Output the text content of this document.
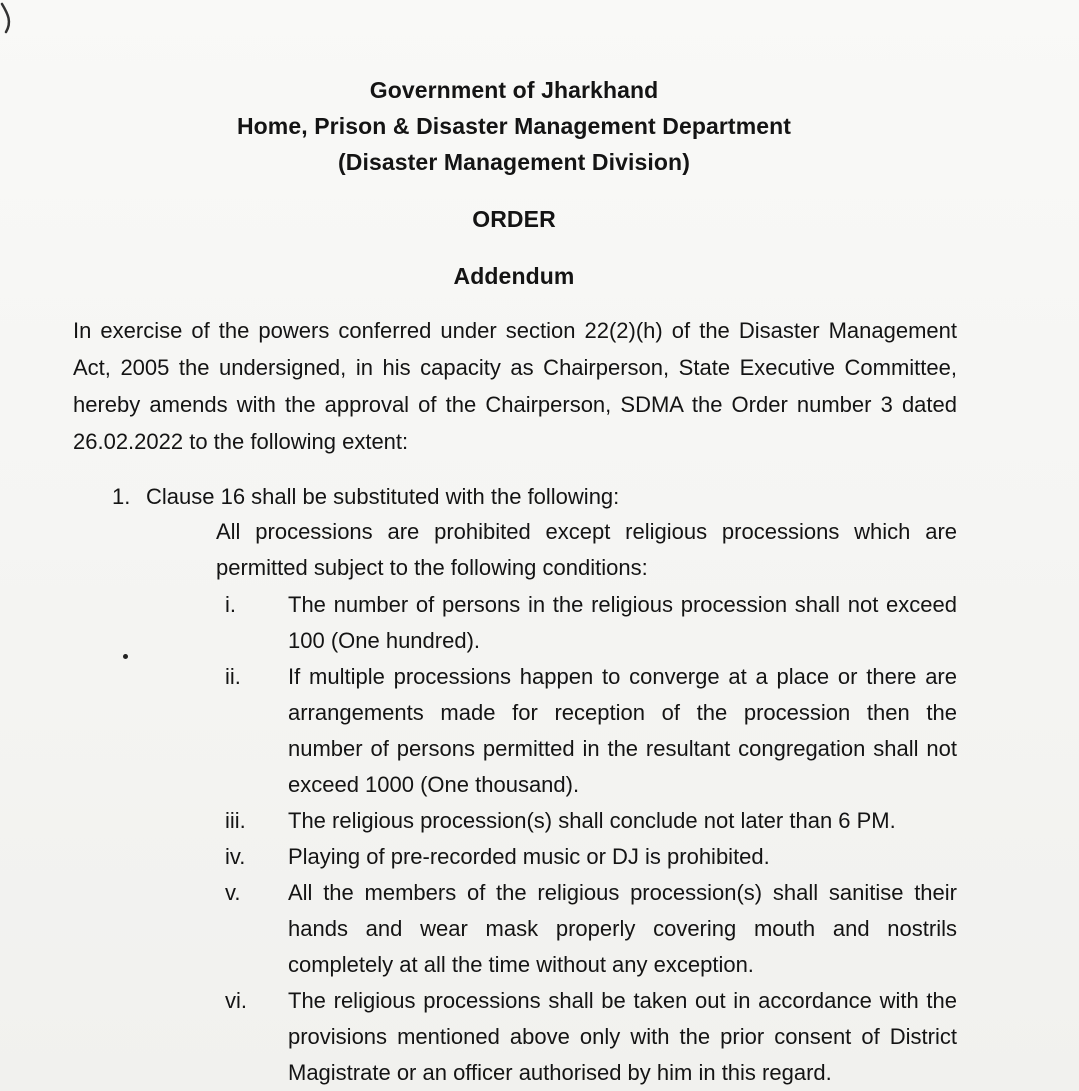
Government of Jharkhand
Home, Prison & Disaster Management Department
(Disaster Management Division)
ORDER
Addendum
In exercise of the powers conferred under section 22(2)(h) of the Disaster Management
Act, 2005 the undersigned, in his capacity as Chairperson, State Executive Committee,
hereby amends with the approval of the Chairperson, SDMA the Order number 3 dated
26.02.2022 to the following extent:
1. Clause 16 shall be substituted with the following:
All processions are prohibited except religious processions which are
permitted subject to the following conditions:
i.	The number of persons in the religious procession shall not exceed
100 (One hundred).
ii.	If multiple processions happen to converge at a place or there are
arrangements made for reception of the procession then the
number of persons permitted in the resultant congregation shall not
exceed 1000 (One thousand).
iii.	The religious procession(s) shall conclude not later than 6 PM.
iv.	Playing of pre-recorded music or DJ is prohibited.
v.	All the members of the religious procession(s) shall sanitise their
hands and wear mask properly covering mouth and nostrils
completely at all the time without any exception.
vi.	The religious processions shall be taken out in accordance with the
provisions mentioned above only with the prior consent of District
Magistrate or an officer authorised by him in this regard.
